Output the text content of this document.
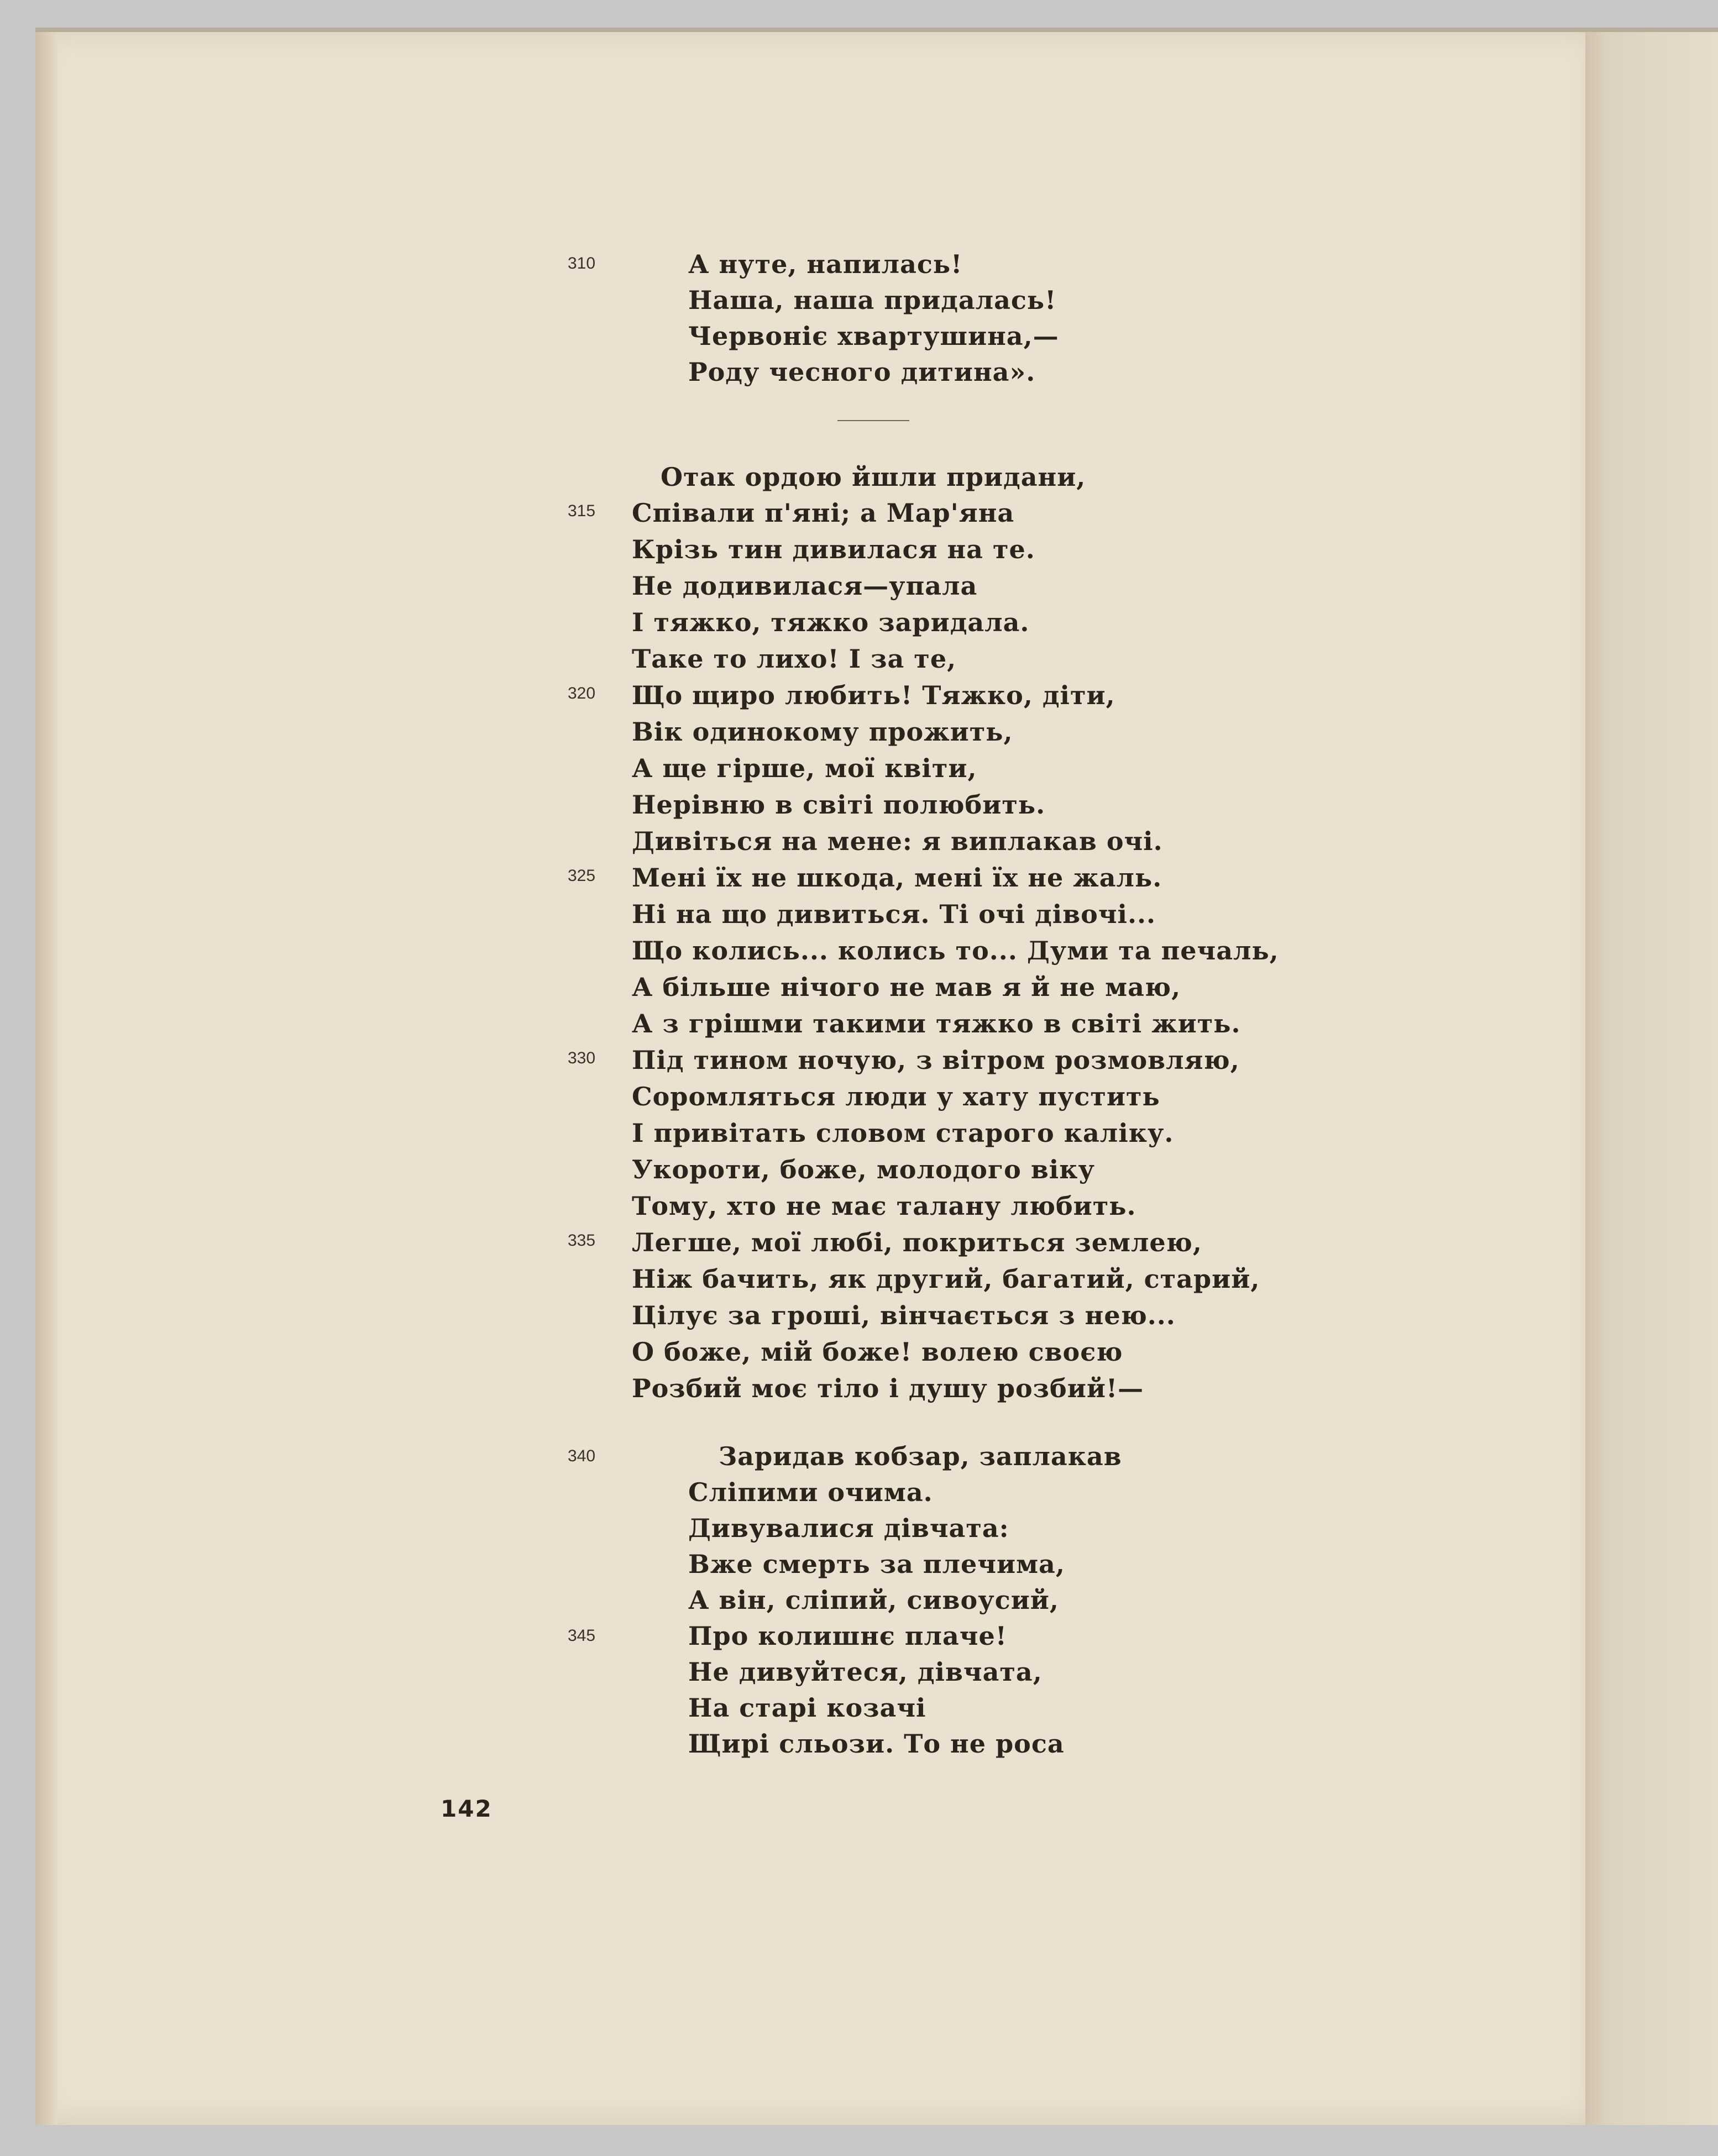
310	А нуте, напилась!
Наша, наша придалась!
Червоніє хвартушина,—
Роду чесного дитина».
Отак ордою йшли придани,
315 Співали п'яні; а Мар'яна
Крізь тин дивилася на те.
Не додивилася—упала
І тяжко, тяжко заридала.
Таке то лихо! І за те,
320 Що щиро любить! Тяжко, діти,
Вік одинокому прожить,
А ще гірше, мої квіти,
Нерівню в світі полюбить.
Дивіться на мене: я виплакав очі.
325 Мені їх не шкода, мені їх не жаль.
Ні на що дивиться. Ті очі дівочі...
Що колись... колись то... Думи та печаль,
А більше нічого не мав я й не маю,
А з грішми такими тяжко в світі жить.
330 Під тином ночую, з вітром розмовляю,
Соромляться люди у хату пустить
І привітать словом старого каліку.
Укороти, боже, молодого віку
Тому, хто не має талану любить.
335 Легше, мої любі, покриться землею,
Ніж бачить, як другий, багатий, старий,
Цілує за гроші, вінчається з нею...
О боже, мій боже! волею своєю
Розбий моє тіло і душу розбий!—
340	Заридав кобзар, заплакав
Сліпими очима.
Дивувалися дівчата:
Вже смерть за плечима,
А він, сліпий, сивоусий,
345	Про колишнє плаче!
Не дивуйтеся, дівчата,
На старі козачі
Щирі сльози. То не роса
142
